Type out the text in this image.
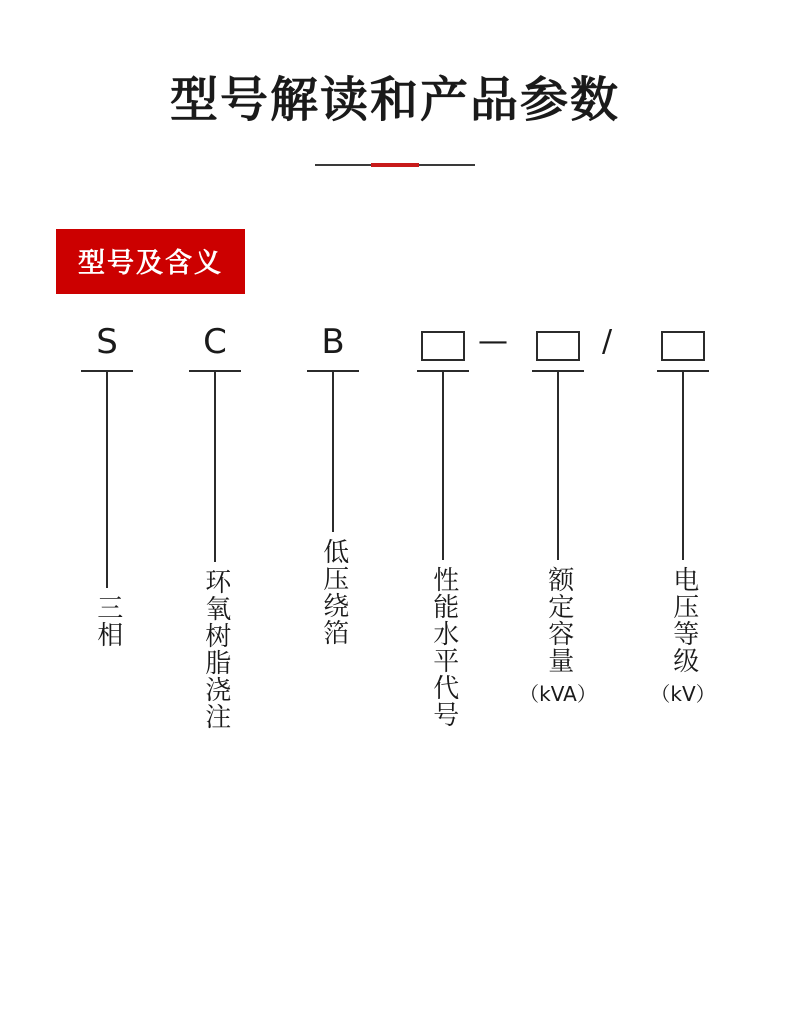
型号解读和产品参数
型号及含义
S
三相
C
环氧树脂浇注
B
低压绕箔	性能水平代号
—
额定容量
（kVA）
/
电压等级
（kV）
